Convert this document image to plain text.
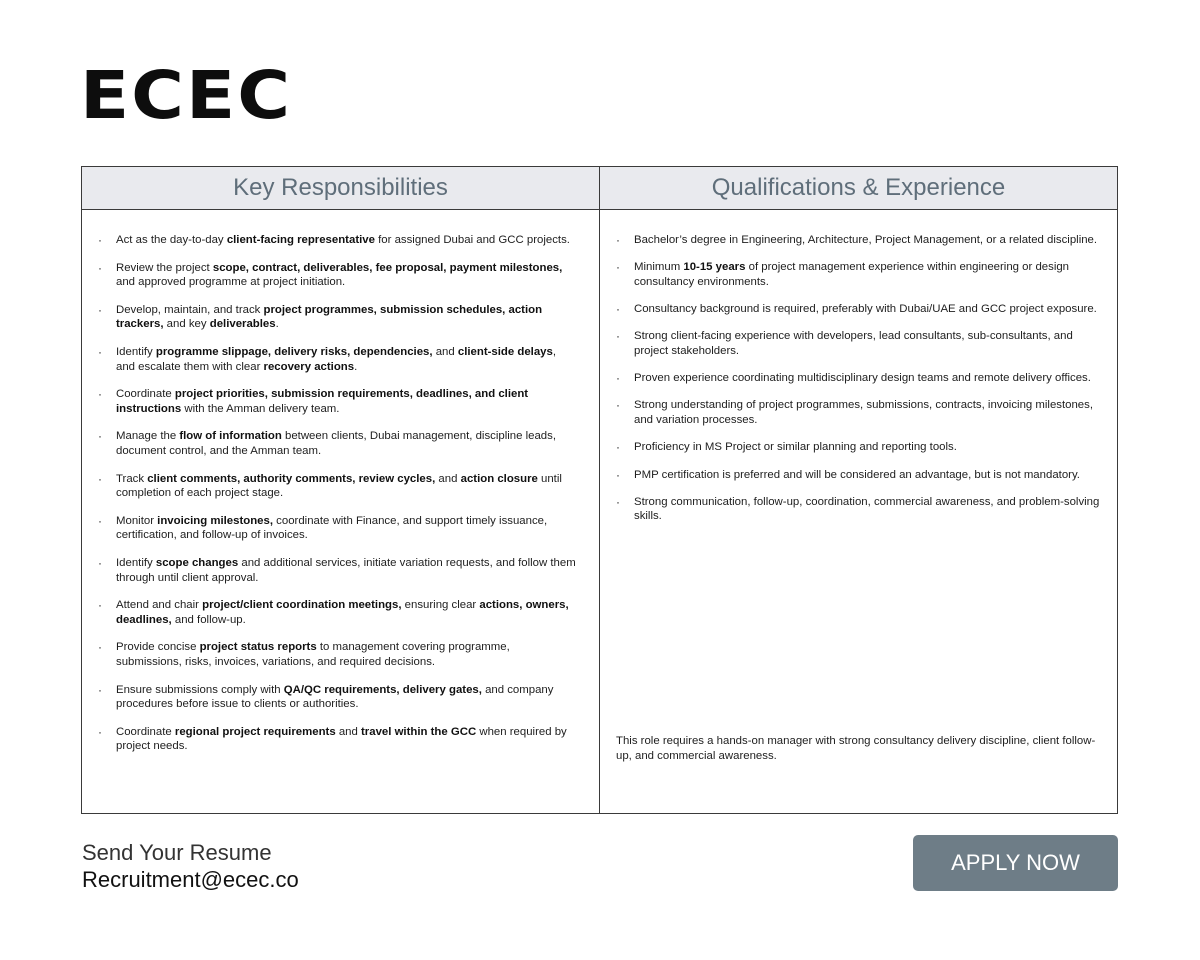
ECEC
Key Responsibilities	Qualifications & Experience
· Act as the day-to-day client-facing representative for assigned Dubai and GCC projects.
· Review the project scope, contract, deliverables, fee proposal, payment milestones, and approved programme at project initiation.
· Develop, maintain, and track project programmes, submission schedules, action trackers, and key deliverables.
· Identify programme slippage, delivery risks, dependencies, and client-side delays, and escalate them with clear recovery actions.
· Coordinate project priorities, submission requirements, deadlines, and client instructions with the Amman delivery team.
· Manage the flow of information between clients, Dubai management, discipline leads, document control, and the Amman team.
· Track client comments, authority comments, review cycles, and action closure until completion of each project stage.
· Monitor invoicing milestones, coordinate with Finance, and support timely issuance, certification, and follow-up of invoices.
· Identify scope changes and additional services, initiate variation requests, and follow them through until client approval.
· Attend and chair project/client coordination meetings, ensuring clear actions, owners, deadlines, and follow-up.
· Provide concise project status reports to management covering programme, submissions, risks, invoices, variations, and required decisions.
· Ensure submissions comply with QA/QC requirements, delivery gates, and company procedures before issue to clients or authorities.
· Coordinate regional project requirements and travel within the GCC when required by project needs.
· Bachelor’s degree in Engineering, Architecture, Project Management, or a related discipline.
· Minimum 10-15 years of project management experience within engineering or design consultancy environments.
· Consultancy background is required, preferably with Dubai/UAE and GCC project exposure.
· Strong client-facing experience with developers, lead consultants, sub-consultants, and project stakeholders.
· Proven experience coordinating multidisciplinary design teams and remote delivery offices.
· Strong understanding of project programmes, submissions, contracts, invoicing milestones, and variation processes.
· Proficiency in MS Project or similar planning and reporting tools.
· PMP certification is preferred and will be considered an advantage, but is not mandatory.
· Strong communication, follow-up, coordination, commercial awareness, and problem-solving skills.
This role requires a hands-on manager with strong consultancy delivery discipline, client follow-up, and commercial awareness.
Send Your Resume
Recruitment@ecec.co
APPLY NOW
